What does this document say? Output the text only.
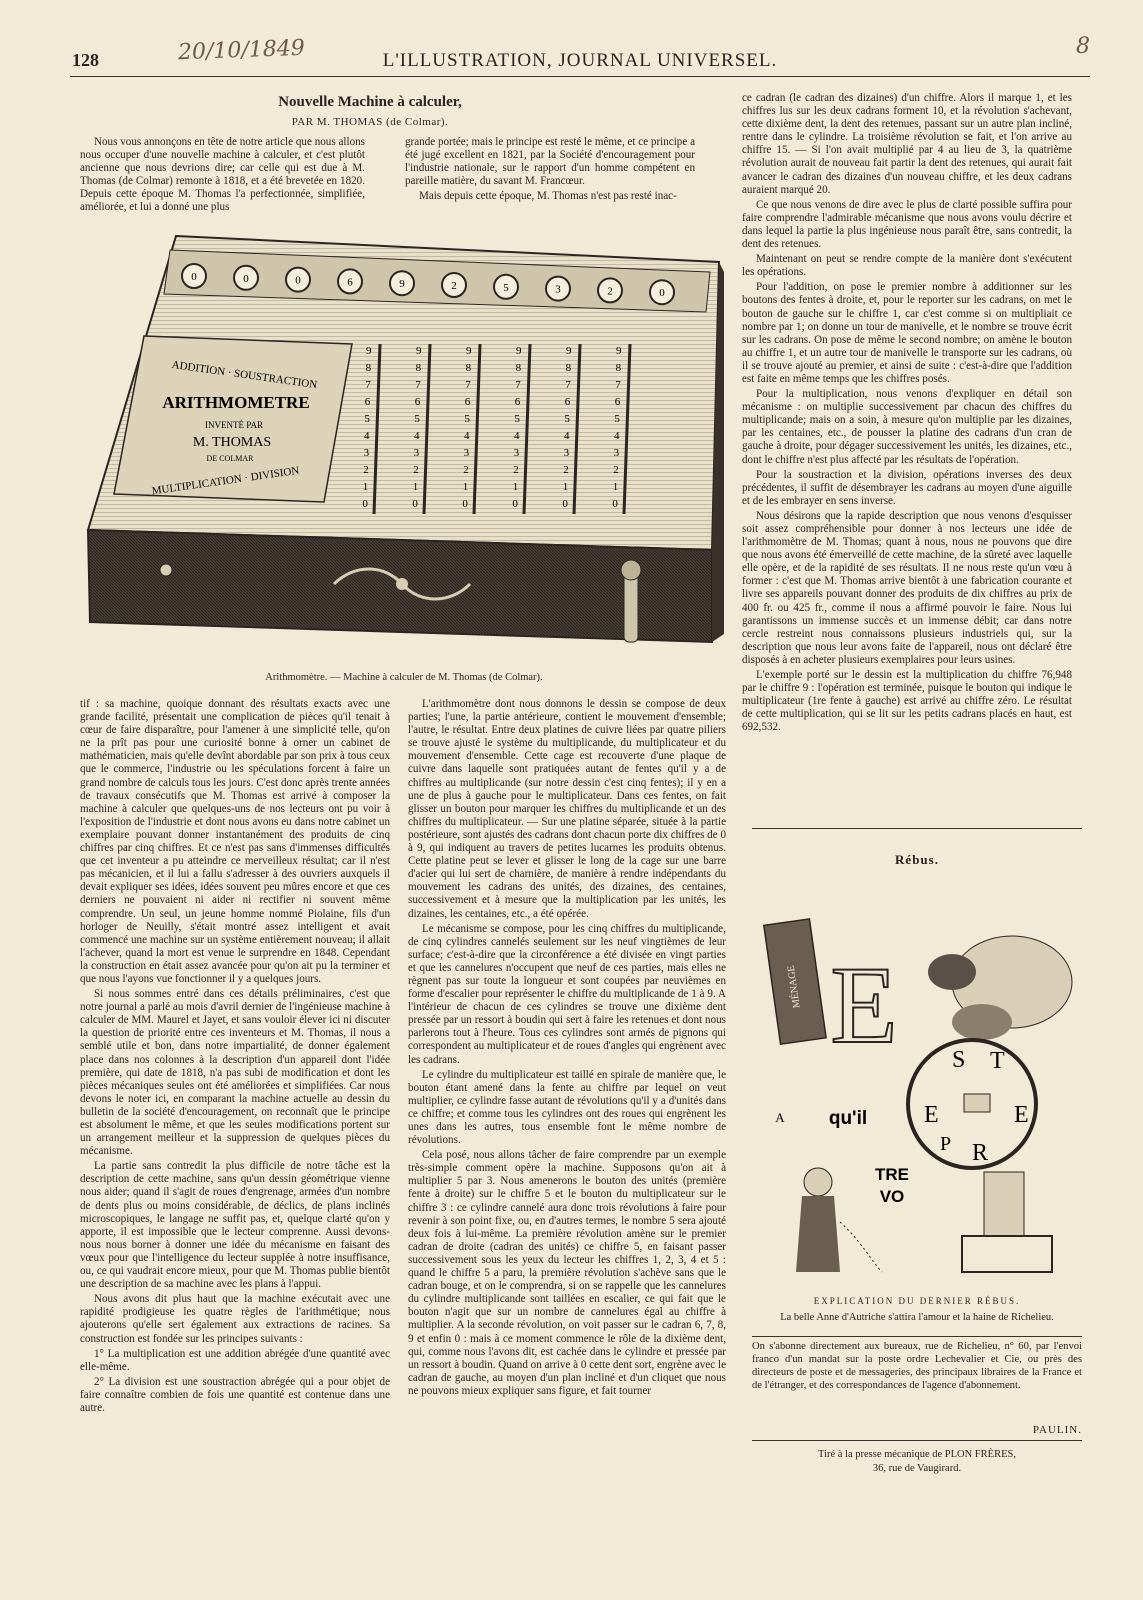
128	20/10/1849	L'ILLUSTRATION, JOURNAL UNIVERSEL.
8
Nouvelle Machine à calculer,
PAR M. THOMAS (de Colmar).

Nous vous annonçons en tête de notre article que nous allons nous occuper d'une nouvelle machine à calculer, et c'est plutôt ancienne que nous devrions dire; car celle qui est due à M. Thomas (de Colmar) remonte à 1818, et a été brevetée en 1820. Depuis cette époque M. Thomas l'a perfectionnée, simplifiée, améliorée, et lui a donné une plus

grande portée; mais le principe est resté le même, et ce principe a été jugé excellent en 1821, par la Société d'encouragement pour l'industrie nationale, sur le rapport d'un homme compétent en pareille matière, du savant M. Francœur.

Mais depuis cette époque, M. Thomas n'est pas resté inac-

ce cadran (le cadran des dizaines) d'un chiffre. Alors il marque 1, et les chiffres lus sur les deux cadrans forment 10, et la révolution s'achevant, cette dixième dent, la dent des retenues, passant sur un autre plan incliné, rentre dans le cylindre. La troisième révolution se fait, et l'on arrive au chiffre 15. — Si l'on avait multiplié par 4 au lieu de 3, la quatrième révolution aurait de nouveau fait partir la dent des retenues, qui aurait fait avancer le cadran des dizaines d'un nouveau chiffre, et les deux cadrans auraient marqué 20.

Ce que nous venons de dire avec le plus de clarté possible suffira pour faire comprendre l'admirable mécanisme que nous avons voulu décrire et dans lequel la partie la plus ingénieuse nous paraît être, sans contredit, la dent des retenues.

Maintenant on peut se rendre compte de la manière dont s'exécutent les opérations.

Pour l'addition, on pose le premier nombre à additionner sur les boutons des fentes à droite, et, pour le reporter sur les cadrans, on met le bouton de gauche sur le chiffre 1, car c'est comme si on multipliait ce nombre par 1; on donne un tour de manivelle, et le nombre se trouve écrit sur les cadrans. On pose de même le second nombre; on amène le bouton au chiffre 1, et un autre tour de manivelle le transporte sur les cadrans, où il se trouve ajouté au premier, et ainsi de suite : c'est-à-dire que l'addition est faite en même temps que les chiffres posés.

Pour la multiplication, nous venons d'expliquer en détail son mécanisme : on multiplie successivement par chacun des chiffres du multiplicande; mais on a soin, à mesure qu'on multiplie par les dizaines, par les centaines, etc., de pousser la platine des cadrans d'un cran de gauche à droite, pour dégager successivement les unités, les dizaines, etc., dont le chiffre n'est plus affecté par les résultats de l'opération.

Pour la soustraction et la division, opérations inverses des deux précédentes, il suffit de désembrayer les cadrans au moyen d'une aiguille et de les embrayer en sens inverse.

Nous désirons que la rapide description que nous venons d'esquisser soit assez compréhensible pour donner à nos lecteurs une idée de l'arithmomètre de M. Thomas; quant à nous, nous ne pouvons que dire que nous avons été émerveillé de cette machine, de la sûreté avec laquelle elle opère, et de la rapidité de ses résultats. Il ne nous reste qu'un vœu à former : c'est que M. Thomas arrive bientôt à une fabrication courante et livre ses appareils pouvant donner des produits de dix chiffres au prix de 400 fr. ou 425 fr., comme il nous a affirmé pouvoir le faire. Nous lui garantissons un immense succès et un immense débit; car dans notre cercle restreint nous connaissons plusieurs industriels qui, sur la description que nous leur avons faite de l'appareil, nous ont déclaré être disposés à en acheter plusieurs exemplaires pour leurs usines.

L'exemple porté sur le dessin est la multiplication du chiffre 76,948 par le chiffre 9 : l'opération est terminée, puisque le bouton qui indique le multiplicateur (1re fente à gauche) est arrivé au chiffre zéro. Le résultat de cette multiplication, qui se lit sur les petits cadrans placés en haut, est 692,532.

0	0	0	6	9	2	5	3	2	0
ADDITION · SOUSTRACTION
ARITHMOMETRE
INVENTÉ PAR
M. THOMAS
DE COLMAR
MULTIPLICATION · DIVISION
9
8
7
6
5
4
3
2
1
0
9
8
7
6
5
4
3
2
1
0
9
8
7
6
5
4
3
2
1
0
9
8
7
6
5
4
3
2
1
0
9
8
7
6
5
4
3
2
1
0
9
8
7
6
5
4
3
2
1
0
Arithmomètre. — Machine à calculer de M. Thomas (de Colmar).

tif : sa machine, quoique donnant des résultats exacts avec une grande facilité, présentait une complication de pièces qu'il tenait à cœur de faire disparaître, pour l'amener à une simplicité telle, qu'on ne la prît pas pour une curiosité bonne à orner un cabinet de mathématicien, mais qu'elle devînt abordable par son prix à tous ceux que le commerce, l'industrie ou les spéculations forcent à faire un grand nombre de calculs tous les jours. C'est donc après trente années de travaux consécutifs que M. Thomas est arrivé à composer la machine à calculer que quelques-uns de nos lecteurs ont pu voir à l'exposition de l'industrie et dont nous avons eu dans notre cabinet un exemplaire pouvant donner instantanément des produits de cinq chiffres par cinq chiffres. Et ce n'est pas sans d'immenses difficultés que cet inventeur a pu atteindre ce merveilleux résultat; car il n'est pas mécanicien, et il lui a fallu s'adresser à des ouvriers auxquels il devait expliquer ses idées, idées souvent peu mûres encore et que ces derniers ne pouvaient ni aider ni rectifier ni souvent même comprendre. Un seul, un jeune homme nommé Piolaine, fils d'un horloger de Neuilly, s'était montré assez intelligent et avait commencé une machine sur un système entièrement nouveau; il allait l'achever, quand la mort est venue le surprendre en 1848. Cependant la construction en était assez avancée pour qu'on ait pu la terminer et que nous l'ayons vue fonctionner il y a quelques jours.

Si nous sommes entré dans ces détails préliminaires, c'est que notre journal a parlé au mois d'avril dernier de l'ingénieuse machine à calculer de MM. Maurel et Jayet, et sans vouloir élever ici ni discuter la question de priorité entre ces inventeurs et M. Thomas, il nous a semblé utile et bon, dans notre impartialité, de donner également place dans nos colonnes à la description d'un appareil dont l'idée première, qui date de 1818, n'a pas subi de modification et dont les pièces mécaniques seules ont été améliorées et simplifiées. Car nous devons le noter ici, en comparant la machine actuelle au dessin du bulletin de la société d'encouragement, on reconnaît que le principe est absolument le même, et que les seules modifications portent sur un arrangement meilleur et la suppression de quelques pièces du mécanisme.

La partie sans contredit la plus difficile de notre tâche est la description de cette machine, sans qu'un dessin géométrique vienne nous aider; quand il s'agit de roues d'engrenage, armées d'un nombre de dents plus ou moins considérable, de déclics, de plans inclinés microscopiques, le langage ne suffit pas, et, quelque clarté qu'on y apporte, il est impossible que le lecteur comprenne. Aussi devons-nous nous borner à donner une idée du mécanisme en faisant des vœux pour que l'intelligence du lecteur supplée à notre insuffisance, ou, ce qui vaudrait encore mieux, pour que M. Thomas publie bientôt une description de sa machine avec les plans à l'appui.

Nous avons dit plus haut que la machine exécutait avec une rapidité prodigieuse les quatre règles de l'arithmétique; nous ajouterons qu'elle sert également aux extractions de racines. Sa construction est fondée sur les principes suivants :

1° La multiplication est une addition abrégée d'une quantité avec elle-même.

2° La division est une soustraction abrégée qui a pour objet de faire connaître combien de fois une quantité est contenue dans une autre.

L'arithmomètre dont nous donnons le dessin se compose de deux parties; l'une, la partie antérieure, contient le mouvement d'ensemble; l'autre, le résultat. Entre deux platines de cuivre liées par quatre piliers se trouve ajusté le système du multiplicande, du multiplicateur et du mouvement d'ensemble. Cette cage est recouverte d'une plaque de cuivre dans laquelle sont pratiquées autant de fentes qu'il y a de chiffres au multiplicande (sur notre dessin c'est cinq fentes); il y en a une de plus à gauche pour le multiplicateur. Dans ces fentes, on fait glisser un bouton pour marquer les chiffres du multiplicande et un des chiffres du multiplicateur. — Sur une platine séparée, située à la partie postérieure, sont ajustés des cadrans dont chacun porte dix chiffres de 0 à 9, qui indiquent au travers de petites lucarnes les produits obtenus. Cette platine peut se lever et glisser le long de la cage sur une barre d'acier qui lui sert de charnière, de manière à rendre indépendants du mouvement les cadrans des unités, des dizaines, des centaines, successivement et à mesure que la multiplication par les unités, les dizaines, les centaines, etc., a été opérée.

Le mécanisme se compose, pour les cinq chiffres du multiplicande, de cinq cylindres cannelés seulement sur les neuf vingtièmes de leur surface; c'est-à-dire que la circonférence a été divisée en vingt parties et que les cannelures n'occupent que neuf de ces parties, mais elles ne règnent pas sur toute la longueur et sont coupées par neuvièmes en forme d'escalier pour représenter le chiffre du multiplicande de 1 à 9. A l'intérieur de chacun de ces cylindres se trouve une dixième dent pressée par un ressort à boudin qui sert à faire les retenues et dont nous parlerons tout à l'heure. Tous ces cylindres sont armés de pignons qui correspondent au multiplicateur et de roues d'angles qui engrènent avec les cadrans.

Le cylindre du multiplicateur est taillé en spirale de manière que, le bouton étant amené dans la fente au chiffre par lequel on veut multiplier, ce cylindre fasse autant de révolutions qu'il y a d'unités dans ce chiffre; et comme tous les cylindres ont des roues qui engrènent les unes dans les autres, tous ensemble font le même nombre de révolutions.

Cela posé, nous allons tâcher de faire comprendre par un exemple très-simple comment opère la machine. Supposons qu'on ait à multiplier 5 par 3. Nous amenerons le bouton des unités (première fente à droite) sur le chiffre 5 et le bouton du multiplicateur sur le chiffre 3 : ce cylindre cannelé aura donc trois révolutions à faire pour revenir à son point fixe, ou, en d'autres termes, le nombre 5 sera ajouté deux fois à lui-même. La première révolution amène sur le premier cadran de droite (cadran des unités) ce chiffre 5, en faisant passer successivement sous les yeux du lecteur les chiffres 1, 2, 3, 4 et 5 : quand le chiffre 5 a paru, la première révolution s'achève sans que le cadran bouge, et on le comprendra, si on se rappelle que les cannelures du cylindre multiplicande sont taillées en escalier, ce qui fait que le bouton n'agit que sur un nombre de cannelures égal au chiffre à multiplier. A la seconde révolution, on voit passer sur le cadran 6, 7, 8, 9 et enfin 0 : mais à ce moment commence le rôle de la dixième dent, qui, comme nous l'avons dit, est cachée dans le cylindre et pressée par un ressort à boudin. Quand on arrive à 0 cette dent sort, engrène avec le cadran de gauche, au moyen d'un plan incliné et d'un cliquet que nous ne pouvons mieux expliquer sans figure, et fait tourner

Rébus.
MÉNAGE E
A qu'il E
S T
E
R
P
TRE
VO
EXPLICATION DU DERNIER RÉBUS.
La belle Anne d'Autriche s'attira l'amour et la haine de Richelieu.
On s'abonne directement aux bureaux, rue de Richelieu, n° 60, par l'envoi franco d'un mandat sur la poste ordre Lechevalier et Cie, ou près des directeurs de poste et de messageries, des principaux libraires de la France et de l'étranger, et des correspondances de l'agence d'abonnement.
PAULIN.
Tiré à la presse mécanique de PLON FRÈRES,
36, rue de Vaugirard.
